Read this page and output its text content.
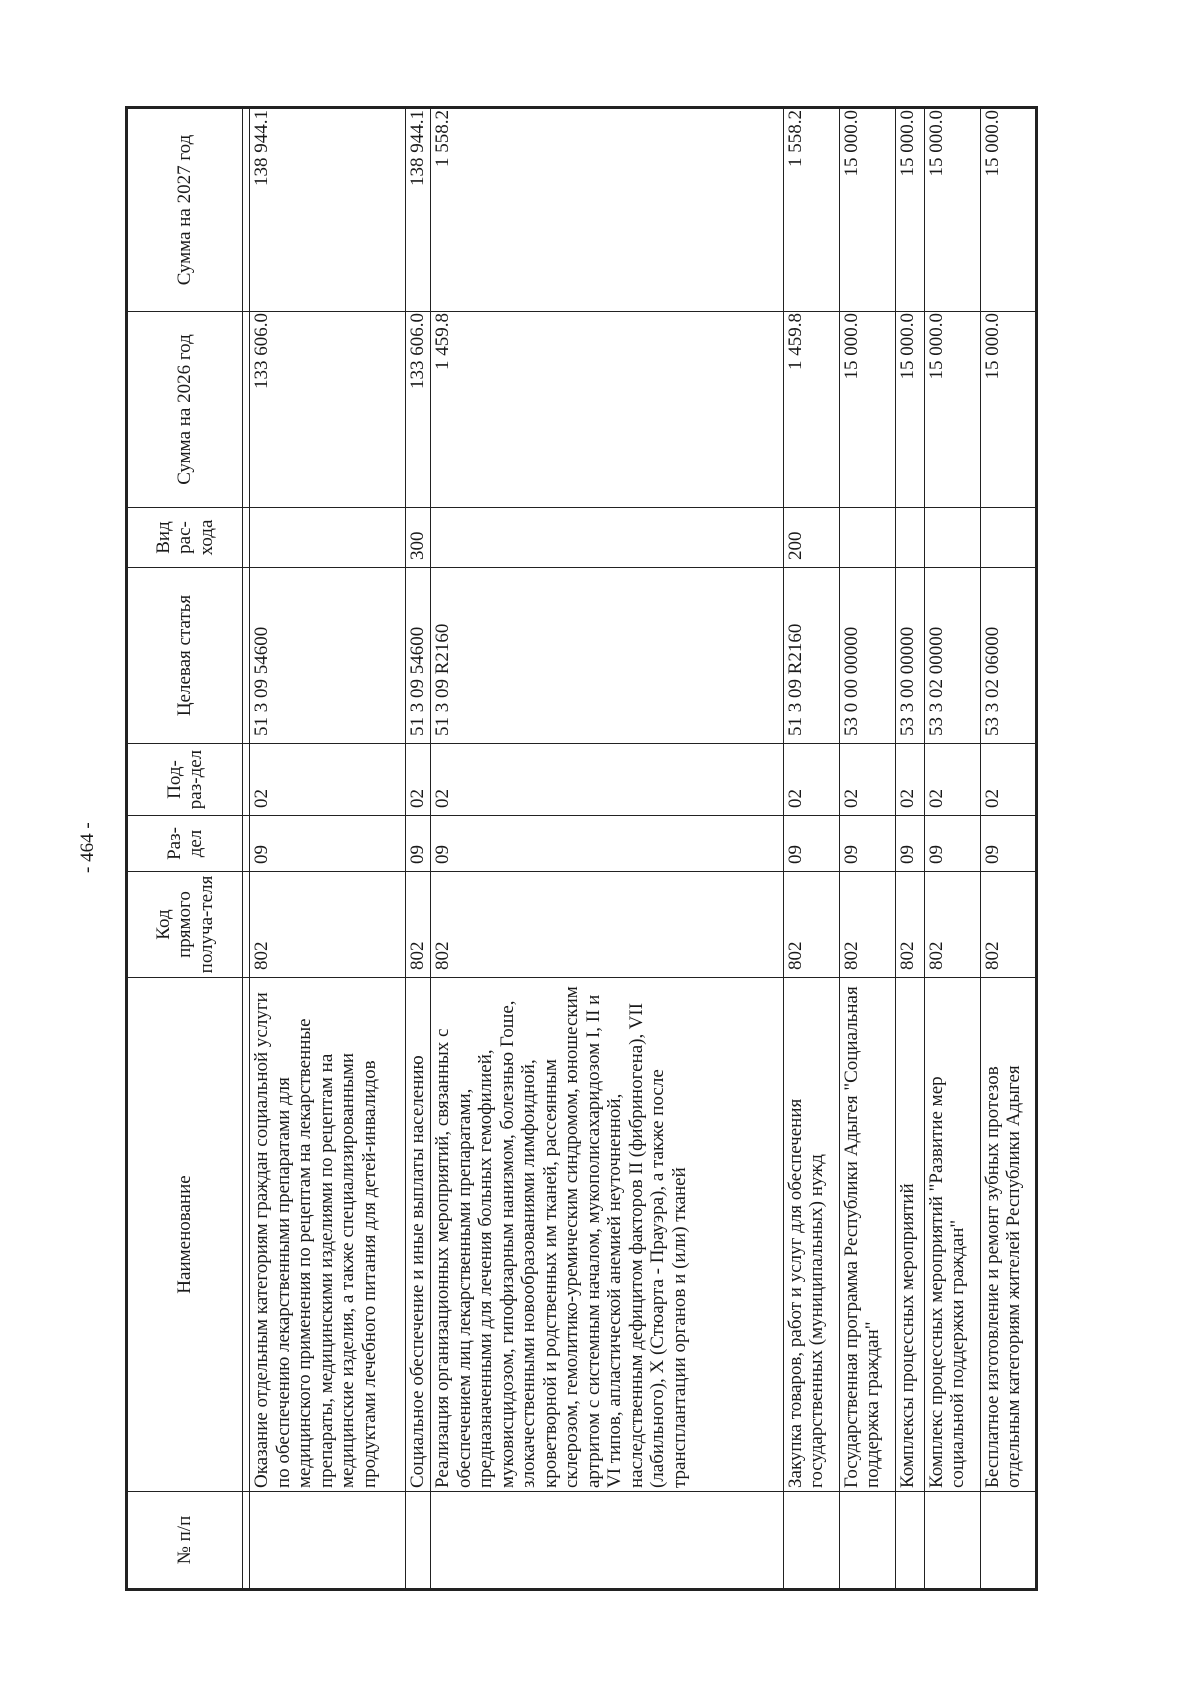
- 464 -
№ п/п	Наименование	Код прямого получа-теля	Раз-дел	Под-раз-дел	Целевая статья	Вид рас-хода	Сумма на 2026 год	Сумма на 2027 год

	Оказание отдельным категориям граждан социальной услуги по обеспечению лекарственными препаратами для медицинского применения по рецептам на лекарственные препараты, медицинскими изделиями по рецептам на медицинские изделия, а также специализированными продуктами лечебного питания для детей-инвалидов	802	09	02	51 3 09 54600		133 606.0	138 944.1
	Социальное обеспечение и иные выплаты населению	802	09	02	51 3 09 54600	300	133 606.0	138 944.1
	Реализация организационных мероприятий, связанных с обеспечением лиц лекарственными препаратами, предназначенными для лечения больных гемофилией, муковисцидозом, гипофизарным нанизмом, болезнью Гоше, злокачественными новообразованиями лимфоидной, кроветворной и родственных им тканей, рассеянным склерозом, гемолитико-уремическим синдромом, юношеским артритом с системным началом, мукополисахаридозом I, II и VI типов, апластической анемией неуточненной, наследственным дефицитом факторов II (фибриногена), VII (лабильного), X (Стюарта - Прауэра), а также после трансплантации органов и (или) тканей	802	09	02	51 3 09 R2160		1 459.8	1 558.2
	Закупка товаров, работ и услуг для обеспечения государственных (муниципальных) нужд	802	09	02	51 3 09 R2160	200	1 459.8	1 558.2
	Государственная программа Республики Адыгея "Социальная поддержка граждан"	802	09	02	53 0 00 00000		15 000.0	15 000.0
	Комплексы процессных мероприятий	802	09	02	53 3 00 00000		15 000.0	15 000.0
	Комплекс процессных мероприятий "Развитие мер социальной поддержки граждан"	802	09	02	53 3 02 00000		15 000.0	15 000.0
	Бесплатное изготовление и ремонт зубных протезов отдельным категориям жителей Республики Адыгея	802	09	02	53 3 02 06000		15 000.0	15 000.0
